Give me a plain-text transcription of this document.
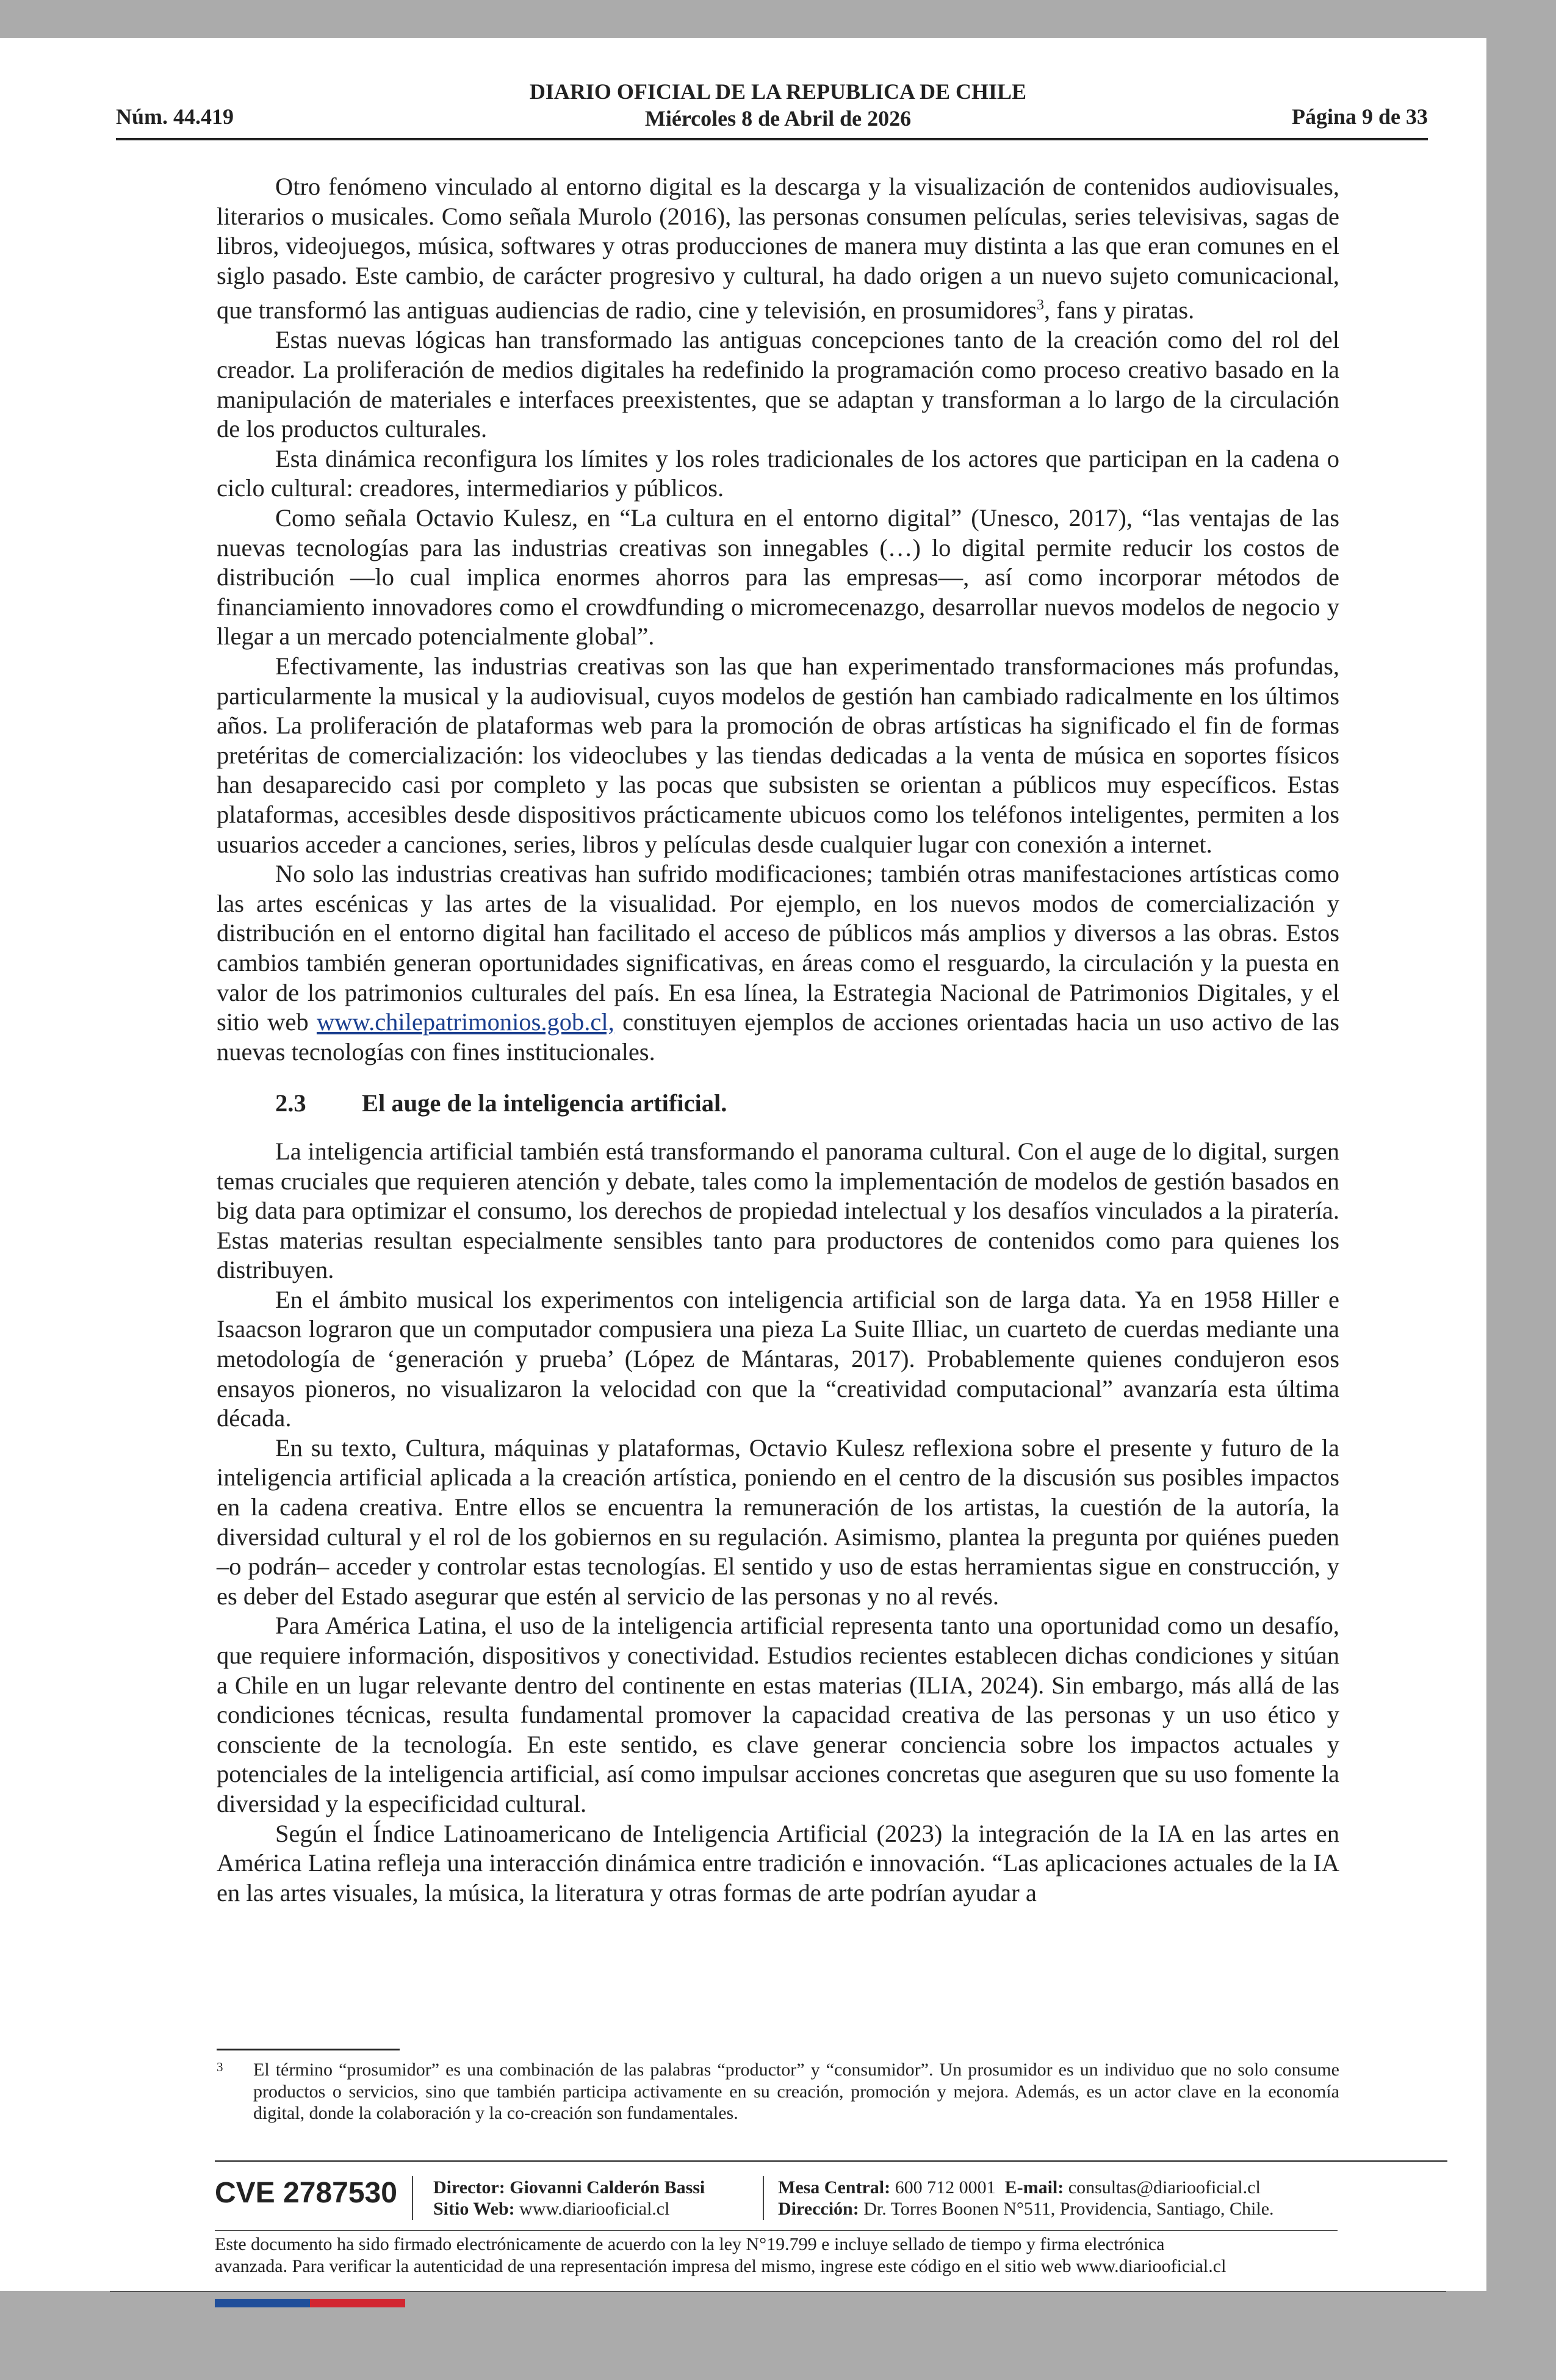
DIARIO OFICIAL DE LA REPUBLICA DE CHILE
Miércoles 8 de Abril de 2026
Núm. 44.419	Página 9 de 33

Otro fenómeno vinculado al entorno digital es la descarga y la visualización de contenidos audiovisuales, literarios o musicales. Como señala Murolo (2016), las personas consumen películas, series televisivas, sagas de libros, videojuegos, música, softwares y otras producciones de manera muy distinta a las que eran comunes en el siglo pasado. Este cambio, de carácter progresivo y cultural, ha dado origen a un nuevo sujeto comunicacional, que transformó las antiguas audiencias de radio, cine y televisión, en prosumidores$^3$, fans y piratas.

Estas nuevas lógicas han transformado las antiguas concepciones tanto de la creación como del rol del creador. La proliferación de medios digitales ha redefinido la programación como proceso creativo basado en la manipulación de materiales e interfaces preexistentes, que se adaptan y transforman a lo largo de la circulación de los productos culturales.

Esta dinámica reconfigura los límites y los roles tradicionales de los actores que participan en la cadena o ciclo cultural: creadores, intermediarios y públicos.

Como señala Octavio Kulesz, en “La cultura en el entorno digital” (Unesco, 2017), “las ventajas de las nuevas tecnologías para las industrias creativas son innegables (…) lo digital permite reducir los costos de distribución —lo cual implica enormes ahorros para las empresas—, así como incorporar métodos de financiamiento innovadores como el crowdfunding o micromecenazgo, desarrollar nuevos modelos de negocio y llegar a un mercado potencialmente global”.

Efectivamente, las industrias creativas son las que han experimentado transformaciones más profundas, particularmente la musical y la audiovisual, cuyos modelos de gestión han cambiado radicalmente en los últimos años. La proliferación de plataformas web para la promoción de obras artísticas ha significado el fin de formas pretéritas de comercialización: los videoclubes y las tiendas dedicadas a la venta de música en soportes físicos han desaparecido casi por completo y las pocas que subsisten se orientan a públicos muy específicos. Estas plataformas, accesibles desde dispositivos prácticamente ubicuos como los teléfonos inteligentes, permiten a los usuarios acceder a canciones, series, libros y películas desde cualquier lugar con conexión a internet.

No solo las industrias creativas han sufrido modificaciones; también otras manifestaciones artísticas como las artes escénicas y las artes de la visualidad. Por ejemplo, en los nuevos modos de comercialización y distribución en el entorno digital han facilitado el acceso de públicos más amplios y diversos a las obras. Estos cambios también generan oportunidades significativas, en áreas como el resguardo, la circulación y la puesta en valor de los patrimonios culturales del país. En esa línea, la Estrategia Nacional de Patrimonios Digitales, y el sitio web www.chilepatrimonios.gob.cl, constituyen ejemplos de acciones orientadas hacia un uso activo de las nuevas tecnologías con fines institucionales.

2.3 El auge de la inteligencia artificial.

La inteligencia artificial también está transformando el panorama cultural. Con el auge de lo digital, surgen temas cruciales que requieren atención y debate, tales como la implementación de modelos de gestión basados en big data para optimizar el consumo, los derechos de propiedad intelectual y los desafíos vinculados a la piratería. Estas materias resultan especialmente sensibles tanto para productores de contenidos como para quienes los distribuyen.

En el ámbito musical los experimentos con inteligencia artificial son de larga data. Ya en 1958 Hiller e Isaacson lograron que un computador compusiera una pieza La Suite Illiac, un cuarteto de cuerdas mediante una metodología de ‘generación y prueba’ (López de Mántaras, 2017). Probablemente quienes condujeron esos ensayos pioneros, no visualizaron la velocidad con que la “creatividad computacional” avanzaría esta última década.

En su texto, Cultura, máquinas y plataformas, Octavio Kulesz reflexiona sobre el presente y futuro de la inteligencia artificial aplicada a la creación artística, poniendo en el centro de la discusión sus posibles impactos en la cadena creativa. Entre ellos se encuentra la remuneración de los artistas, la cuestión de la autoría, la diversidad cultural y el rol de los gobiernos en su regulación. Asimismo, plantea la pregunta por quiénes pueden –o podrán– acceder y controlar estas tecnologías. El sentido y uso de estas herramientas sigue en construcción, y es deber del Estado asegurar que estén al servicio de las personas y no al revés.

Para América Latina, el uso de la inteligencia artificial representa tanto una oportunidad como un desafío, que requiere información, dispositivos y conectividad. Estudios recientes establecen dichas condiciones y sitúan a Chile en un lugar relevante dentro del continente en estas materias (ILIA, 2024). Sin embargo, más allá de las condiciones técnicas, resulta fundamental promover la capacidad creativa de las personas y un uso ético y consciente de la tecnología. En este sentido, es clave generar conciencia sobre los impactos actuales y potenciales de la inteligencia artificial, así como impulsar acciones concretas que aseguren que su uso fomente la diversidad y la especificidad cultural.

Según el Índice Latinoamericano de Inteligencia Artificial (2023) la integración de la IA en las artes en América Latina refleja una interacción dinámica entre tradición e innovación. “Las aplicaciones actuales de la IA en las artes visuales, la música, la literatura y otras formas de arte podrían ayudar a

3 El término “prosumidor” es una combinación de las palabras “productor” y “consumidor”. Un prosumidor es un individuo que no solo consume productos o servicios, sino que también participa activamente en su creación, promoción y mejora. Además, es un actor clave en la economía digital, donde la colaboración y la co-creación son fundamentales.
CVE 2787530 Director: Giovanni Calderón Bassi
Sitio Web: www.diariooficial.cl
Mesa Central: 600 712 0001 E-mail: consultas@diariooficial.cl
Dirección: Dr. Torres Boonen N°511, Providencia, Santiago, Chile.
Este documento ha sido firmado electrónicamente de acuerdo con la ley N°19.799 e incluye sellado de tiempo y firma electrónica
avanzada. Para verificar la autenticidad de una representación impresa del mismo, ingrese este código en el sitio web www.diariooficial.cl
